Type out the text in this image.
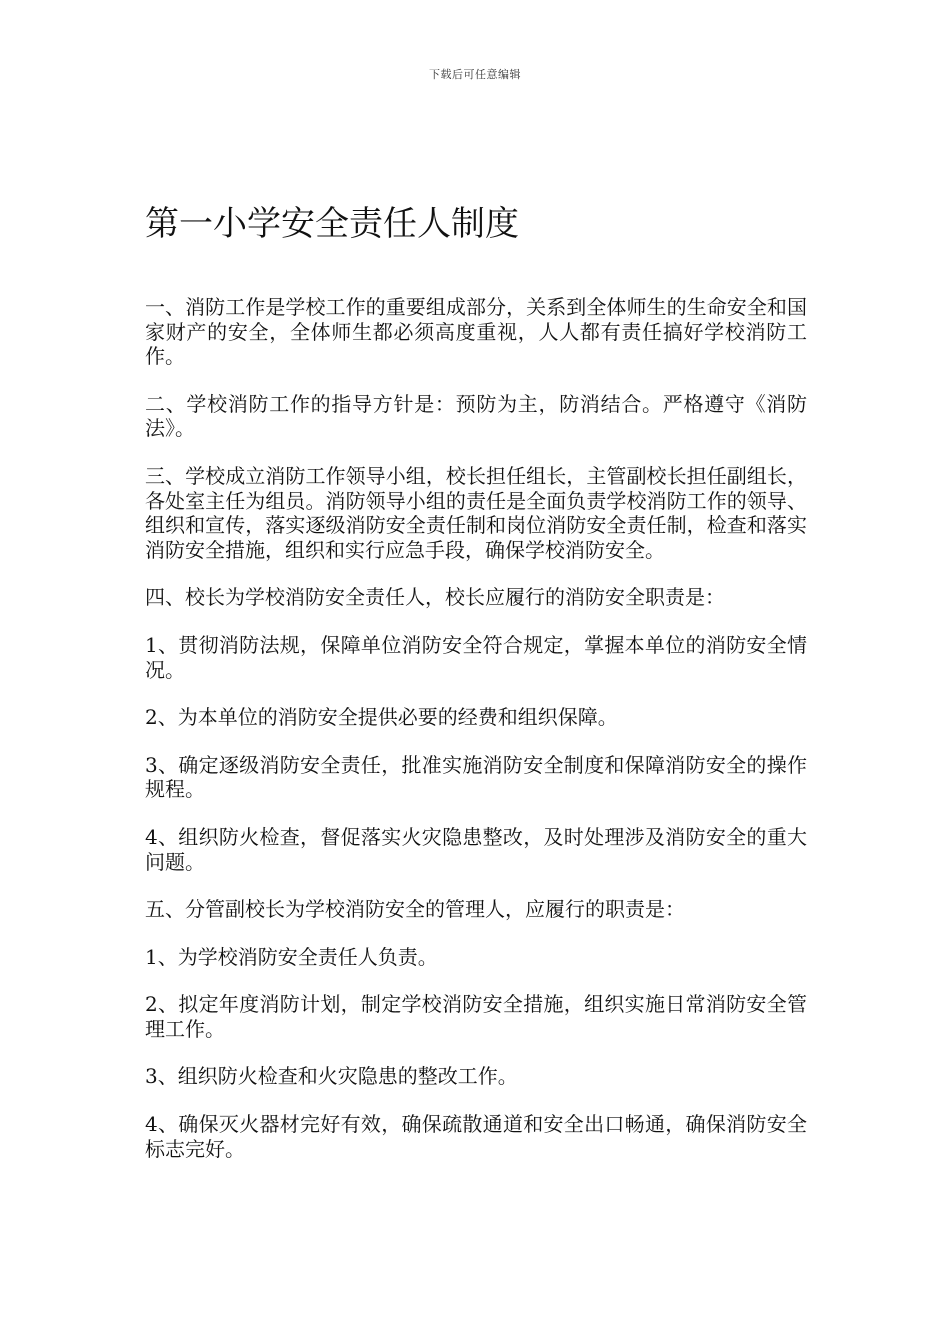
下载后可任意编辑
第一小学安全责任人制度

一、消防工作是学校工作的重要组成部分，关系到全体师生的生命安全和国家财产的安全，全体师生都必须高度重视，人人都有责任搞好学校消防工作。

二、学校消防工作的指导方针是：预防为主，防消结合。严格遵守《消防法》。

三、学校成立消防工作领导小组，校长担任组长，主管副校长担任副组长，各处室主任为组员。消防领导小组的责任是全面负责学校消防工作的领导、组织和宣传，落实逐级消防安全责任制和岗位消防安全责任制，检查和落实消防安全措施，组织和实行应急手段，确保学校消防安全。

四、校长为学校消防安全责任人，校长应履行的消防安全职责是：

1、贯彻消防法规，保障单位消防安全符合规定，掌握本单位的消防安全情况。

2、为本单位的消防安全提供必要的经费和组织保障。

3、确定逐级消防安全责任，批准实施消防安全制度和保障消防安全的操作规程。

4、组织防火检查，督促落实火灾隐患整改，及时处理涉及消防安全的重大问题。

五、分管副校长为学校消防安全的管理人，应履行的职责是：

1、为学校消防安全责任人负责。

2、拟定年度消防计划，制定学校消防安全措施，组织实施日常消防安全管理工作。

3、组织防火检查和火灾隐患的整改工作。

4、确保灭火器材完好有效，确保疏散通道和安全出口畅通，确保消防安全标志完好。
